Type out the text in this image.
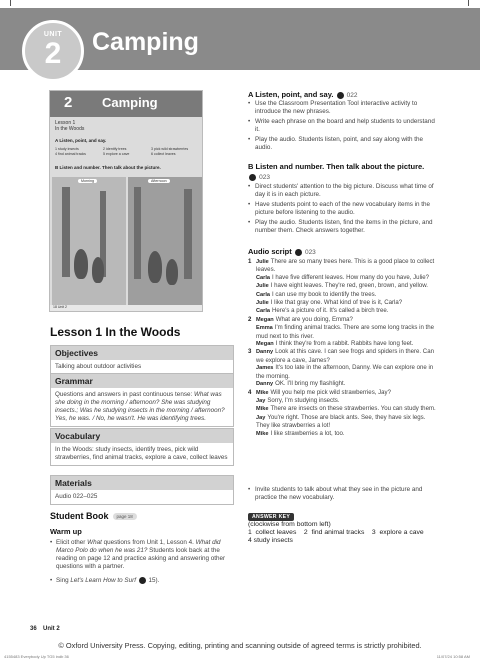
UNIT
2	Camping
2 Camping
Lesson 1
In the Woods
A Listen, point, and say.
1 study insects	2 identify trees	3 pick wild strawberries
4 find animal tracks	5 explore a cave	6 collect leaves
B Listen and number. Then talk about the picture.
Morning	Afternoon
18 Unit 2
Lesson 1 In the Woods
Objectives
Talking about outdoor activities
Grammar
Questions and answers in past continuous tense: What was she doing in the morning / afternoon? She was studying insects.; Was he studying insects in the morning / afternoon? Yes, he was. / No, he wasn't. He was identifying trees.
Vocabulary
In the Woods: study insects, identify trees, pick wild strawberries, find animal tracks, explore a cave, collect leaves
Materials
Audio 022–025
Student Book	page 18
Warm up
• Elicit other What questions from Unit 1, Lesson 4. What did Marco Polo do when he was 21? Students look back at the reading on page 12 and practice asking and answering other questions with a partner.
• Sing Let's Learn How to Surf  15).
A Listen, point, and say. 022
• Use the Classroom Presentation Tool interactive activity to introduce the new phrases.
• Write each phrase on the board and help students to understand it.
• Play the audio. Students listen, point, and say along with the audio.
B Listen and number. Then talk about the picture.
023
• Direct students' attention to the big picture. Discuss what time of day it is in each picture.
• Have students point to each of the new vocabulary items in the picture before listening to the audio.
• Play the audio. Students listen, find the items in the picture, and number them. Check answers together.
Audio script 023
1 Julie There are so many trees here. This is a good place to collect leaves.
Carla I have five different leaves. How many do you have, Julie?
Julie I have eight leaves. They're red, green, brown, and yellow.
Carla I can use my book to identify the trees.
Julie I like that gray one. What kind of tree is it, Carla?
Carla Here's a picture of it. It's called a birch tree.
2 Megan What are you doing, Emma?
Emma I'm finding animal tracks. There are some long tracks in the mud next to this river.
Megan I think they're from a rabbit. Rabbits have long feet.
3 Danny Look at this cave. I can see frogs and spiders in there. Can we explore a cave, James?
James It's too late in the afternoon, Danny. We can explore one in the morning.
Danny OK. I'll bring my flashlight.
4 Mike Will you help me pick wild strawberries, Jay?
Jay Sorry, I'm studying insects.
Mike There are insects on these strawberries. You can study them.
Jay You're right. Those are black ants. See, they have six legs. They like strawberries a lot!
Mike I like strawberries a lot, too.
• Invite students to talk about what they see in the picture and practice the new vocabulary.
ANSWER KEY
(clockwise from bottom left)
1  collect leaves    2  find animal tracks    3  explore a cave
4 study insects
36 Unit 2
© Oxford University Press. Copying, editing, printing and scanning outside of agreed terms is strictly prohibited.
4155483 Everybody Up TG5 indb 36	11/07/24 10:58 AM
